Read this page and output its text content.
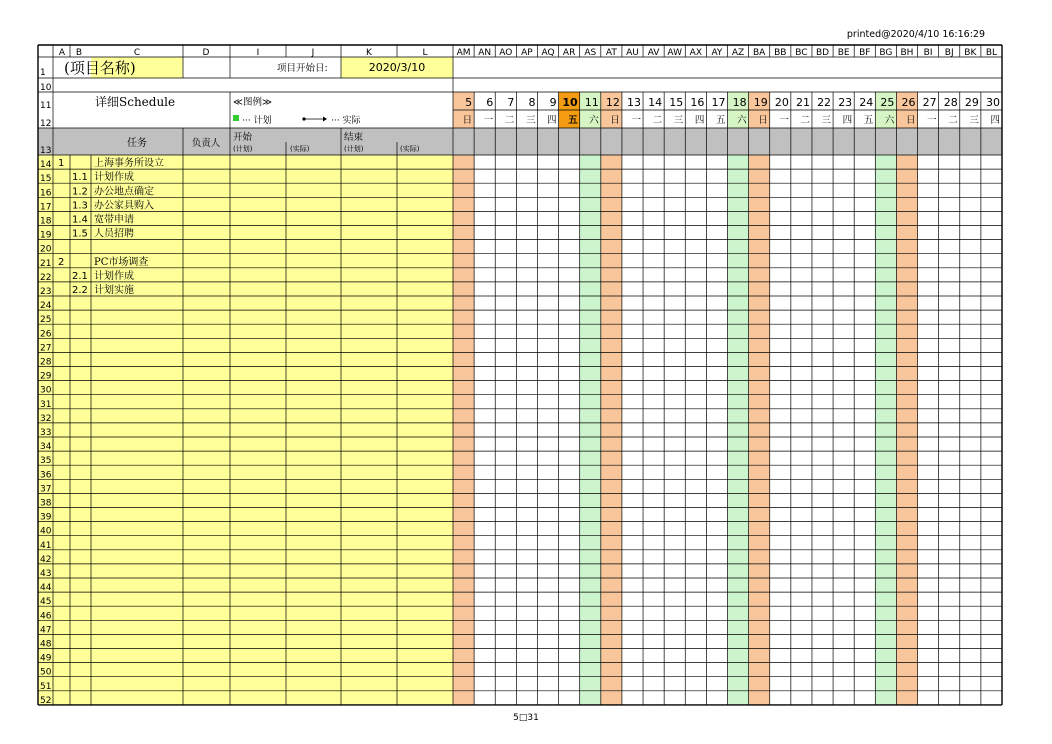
A B	C	D	I	J	K	L	AM AN AO AP AQ AR AS AT AU AV AW AX AY AZ BA BB BC BD BE BF BG BH BI BJ BK BL
1
10
11
12
13
14
15
16
17
18
19
20
21
22
23
24
25
26
27
28
29
30
31
32
33
34
35
36
37
38
39
40
41
42
43
44
45
46
47
48
49
50
51
52
(项目名称)	项目开始日:	2020/3/10
详细Schedule	≪图例≫
··· 计划	··· 实际
任务	负责人
开始
(计划)	(实际)
结束
(计划)	(实际)
5 6 7 8 9 10 11 12 13 14 15 16 17 18 19 20 21 22 23 24 25 26 27 28 29 30
日 一 二 三 四 五 六 日 一 二 三 四 五 六 日 一 二 三 四 五 六 日 一 二 三 四
1	上海事务所设立
1.1 计划作成
1.2 办公地点确定
1.3 办公家具购入
1.4 宽带申请
1.5 人员招聘
2	PC市场调查
2.1 计划作成
2.2 计划实施
printed@2020/4/10 16:16:29
5□31
